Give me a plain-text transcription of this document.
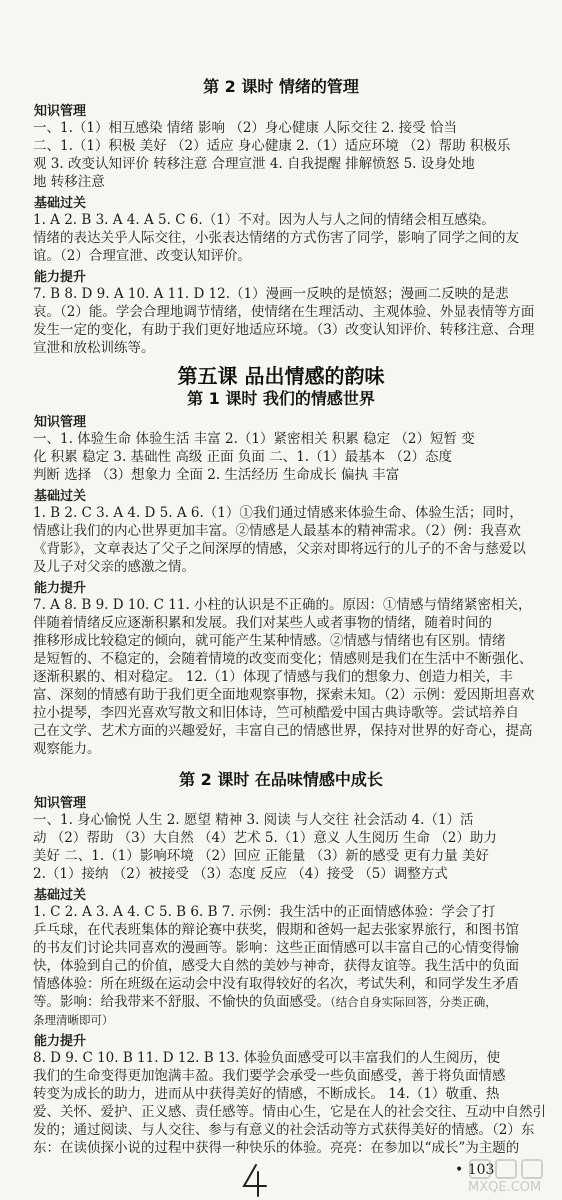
第 2 课时 情绪的管理
知识管理
一、1.（1）相互感染 情绪 影响 （2）身心健康 人际交往 2. 接受 恰当
二、1.（1）积极 美好 （2）适应 身心健康 2.（1）适应环境 （2）帮助 积极乐
观 3. 改变认知评价 转移注意 合理宣泄 4. 自我提醒 排解愤怒 5. 设身处地
地 转移注意
基础过关
1. A 2. B 3. A 4. A 5. C 6.（1）不对。因为人与人之间的情绪会相互感染。
情绪的表达关乎人际交往，小张表达情绪的方式伤害了同学，影响了同学之间的友
谊。（2）合理宣泄、改变认知评价。
能力提升
7. B 8. D 9. A 10. A 11. D 12.（1）漫画一反映的是愤怒；漫画二反映的是悲
哀。（2）能。学会合理地调节情绪，使情绪在生理活动、主观体验、外显表情等方面
发生一定的变化，有助于我们更好地适应环境。（3）改变认知评价、转移注意、合理
宣泄和放松训练等。
第五课 品出情感的韵味
第 1 课时 我们的情感世界
知识管理
一、1. 体验生命 体验生活 丰富 2.（1）紧密相关 积累 稳定 （2）短暂 变
化 积累 稳定 3. 基础性 高级 正面 负面 二、1.（1）最基本 （2）态度
判断 选择 （3）想象力 全面 2. 生活经历 生命成长 偏执 丰富
基础过关
1. B 2. C 3. A 4. D 5. A 6.（1）①我们通过情感来体验生命、体验生活；同时，
情感让我们的内心世界更加丰富。②情感是人最基本的精神需求。（2）例：我喜欢
《背影》，文章表达了父子之间深厚的情感，父亲对即将远行的儿子的不舍与慈爱以
及儿子对父亲的感激之情。
能力提升
7. A 8. B 9. D 10. C 11. 小柱的认识是不正确的。原因：①情感与情绪紧密相关，
伴随着情绪反应逐渐积累和发展。我们对某些人或者事物的情绪，随着时间的
推移形成比较稳定的倾向，就可能产生某种情感。②情感与情绪也有区别。情绪
是短暂的、不稳定的，会随着情境的改变而变化；情感则是我们在生活中不断强化、
逐渐积累的、相对稳定。 12.（1）体现了情感与我们的想象力、创造力相关，丰
富、深刻的情感有助于我们更全面地观察事物，探索未知。（2）示例：爱因斯坦喜欢
拉小提琴，李四光喜欢写散文和旧体诗，竺可桢酷爱中国古典诗歌等。尝试培养自
己在文学、艺术方面的兴趣爱好，丰富自己的情感世界，保持对世界的好奇心，提高
观察能力。
第 2 课时 在品味情感中成长
知识管理
一、1. 身心愉悦 人生 2. 愿望 精神 3. 阅读 与人交往 社会活动 4.（1）活
动 （2）帮助 （3）大自然 （4）艺术 5.（1）意义 人生阅历 生命 （2）助力
美好 二、1.（1）影响环境 （2）回应 正能量 （3）新的感受 更有力量 美好
2.（1）接纳 （2）被接受 （3）态度 反应 （4）接受 （5）调整方式
基础过关
1. C 2. A 3. A 4. C 5. B 6. B 7. 示例：我生活中的正面情感体验：学会了打
乒乓球，在代表班集体的辩论赛中获奖，假期和爸妈一起去张家界旅行，和图书馆
的书友们讨论共同喜欢的漫画等。影响：这些正面情感可以丰富自己的心情变得愉
快，体验到自己的价值，感受大自然的美妙与神奇，获得友谊等。我生活中的负面
情感体验：所在班级在运动会中没有取得较好的名次，考试失利，和同学发生矛盾
等。影响：给我带来不舒服、不愉快的负面感受。（结合自身实际回答，分类正确，
条理清晰即可）
能力提升
8. D 9. C 10. B 11. D 12. B 13. 体验负面感受可以丰富我们的人生阅历，使
我们的生命变得更加饱满丰盈。我们要学会承受一些负面感受，善于将负面情感
转变为成长的助力，进而从中获得美好的情感，不断成长。 14.（1）敬重、热
爱、关怀、爱护、正义感、责任感等。情由心生，它是在人的社会交往、互动中自然引
发的；通过阅读、与人交往、参与有意义的社会活动等方式获得美好的情感。（2）东
东：在读侦探小说的过程中获得一种快乐的体验。亮亮：在参加以“成长”为主题的
• 103
MXQE.COM
